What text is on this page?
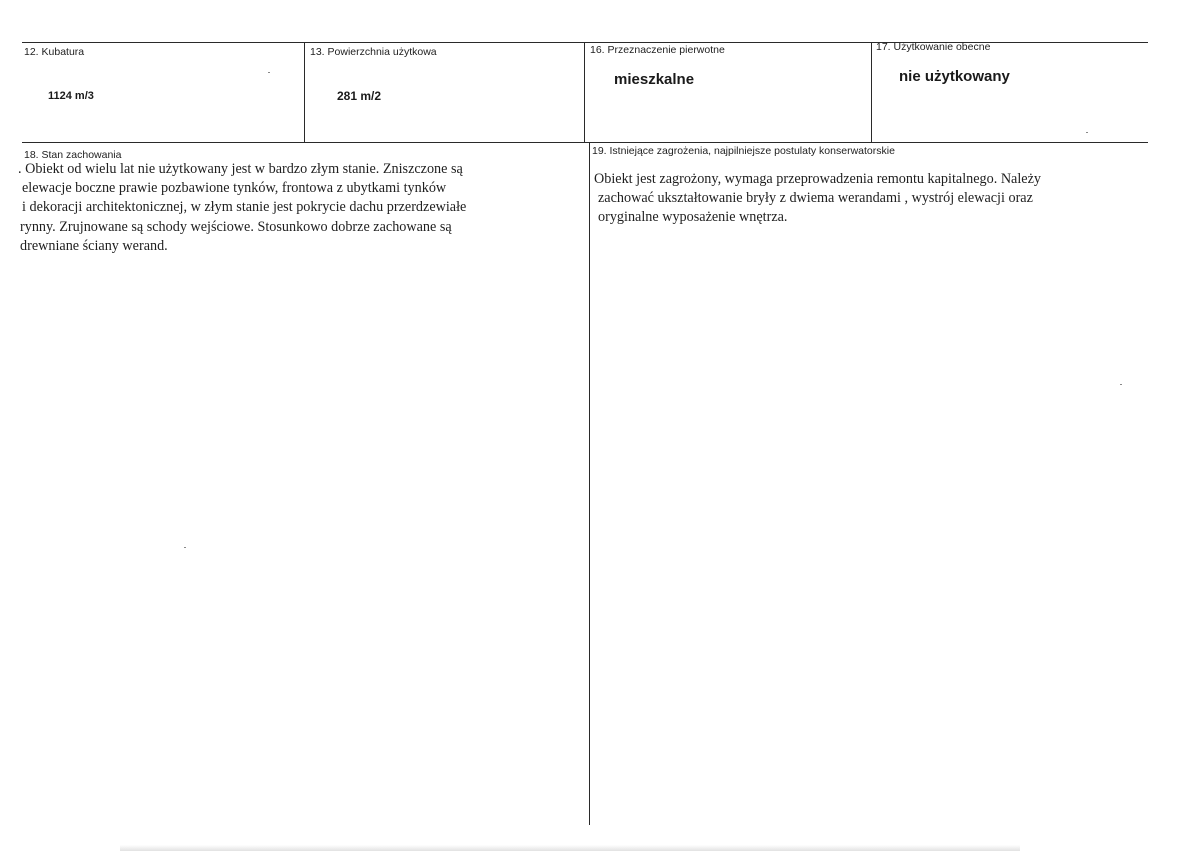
12. Kubatura
1124 m/3
13. Powierzchnia użytkowa
281 m/2
16. Przeznaczenie pierwotne
mieszkalne
17. Użytkowanie obecne
nie użytkowany
18. Stan zachowania
. Obiekt od wielu lat nie użytkowany jest w bardzo złym stanie. Zniszczone są
elewacje boczne prawie pozbawione tynków, frontowa z ubytkami tynków
i dekoracji architektonicznej, w złym stanie jest pokrycie dachu przerdzewiałe
rynny. Zrujnowane są schody wejściowe. Stosunkowo dobrze zachowane są
drewniane ściany werand.
19. Istniejące zagrożenia, najpilniejsze postulaty konserwatorskie
Obiekt jest zagrożony, wymaga przeprowadzenia remontu kapitalnego. Należy
zachować ukształtowanie bryły z dwiema werandami , wystrój elewacji oraz
oryginalne wyposażenie wnętrza.
